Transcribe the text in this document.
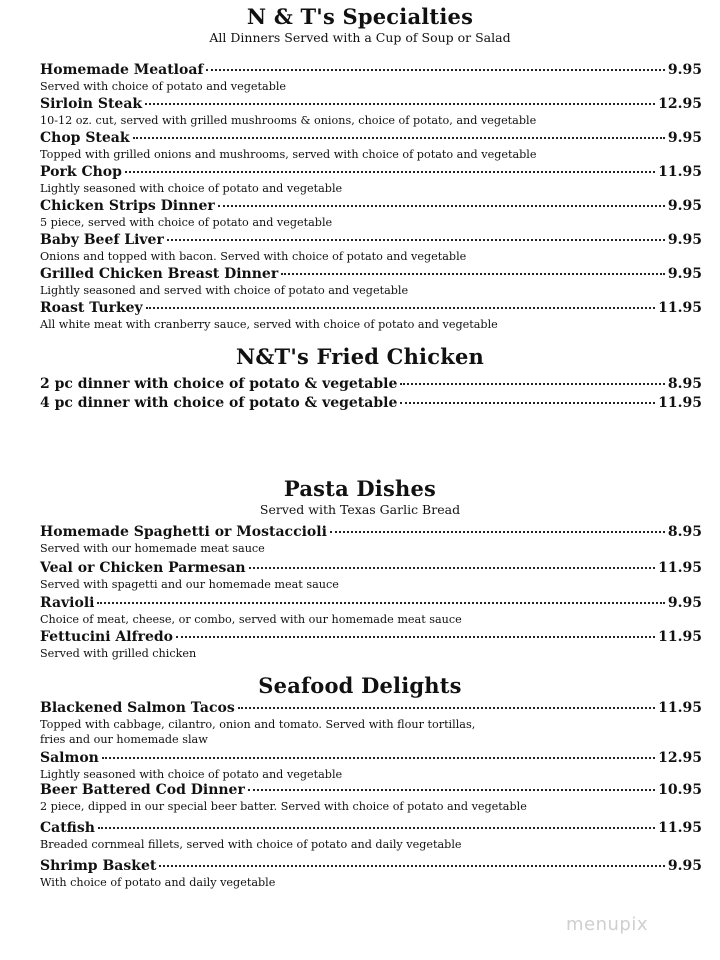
N & T's Specialties
All Dinners Served with a Cup of Soup or Salad
Homemade Meatloaf	9.95
Served with choice of potato and vegetable
Sirloin Steak	12.95
10-12 oz. cut, served with grilled mushrooms & onions, choice of potato, and vegetable
Chop Steak	9.95
Topped with grilled onions and mushrooms, served with choice of potato and vegetable
Pork Chop	11.95
Lightly seasoned with choice of potato and vegetable
Chicken Strips Dinner	9.95
5 piece, served with choice of potato and vegetable
Baby Beef Liver	9.95
Onions and topped with bacon. Served with choice of potato and vegetable
Grilled Chicken Breast Dinner	9.95
Lightly seasoned and served with choice of potato and vegetable
Roast Turkey	11.95
All white meat with cranberry sauce, served with choice of potato and vegetable
N&T's Fried Chicken
2 pc dinner with choice of potato & vegetable	8.95
4 pc dinner with choice of potato & vegetable	11.95
Pasta Dishes
Served with Texas Garlic Bread
Homemade Spaghetti or Mostaccioli	8.95
Served with our homemade meat sauce
Veal or Chicken Parmesan	11.95
Served with spagetti and our homemade meat sauce
Ravioli	9.95
Choice of meat, cheese, or combo, served with our homemade meat sauce
Fettucini Alfredo	11.95
Served with grilled chicken
Seafood Delights
Blackened Salmon Tacos	11.95
Topped with cabbage, cilantro, onion and tomato. Served with flour tortillas,
fries and our homemade slaw
Salmon	12.95
Lightly seasoned with choice of potato and vegetable
Beer Battered Cod Dinner	10.95
2 piece, dipped in our special beer batter. Served with choice of potato and vegetable
Catfish	11.95
Breaded cornmeal fillets, served with choice of potato and daily vegetable
Shrimp Basket	9.95
With choice of potato and daily vegetable
menupix
